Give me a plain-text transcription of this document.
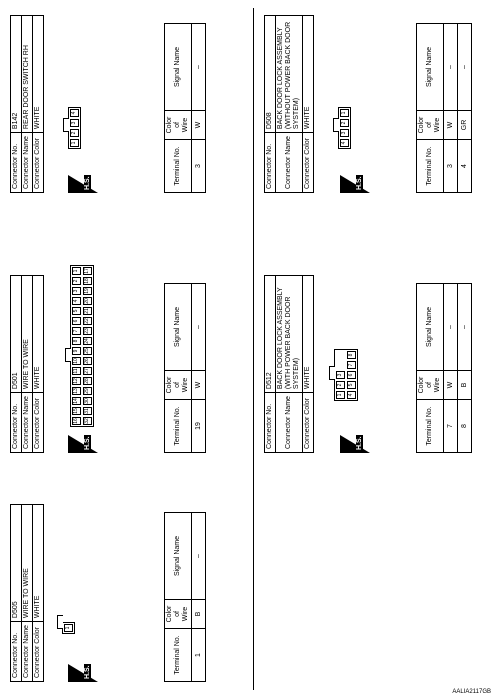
Connector No.	D505
Connector Name	WIRE TO WIRE
Connector Color	WHITE
H.S.
1
Terminal No.	Color of Wire	Signal Name
1	B	–
Connector No.	D501
Connector Name	WIRE TO WIRE
Connector Color	WHITE
H.S.
16
15
14
13
12
11
10
9
8
7
6
5
4
3
2
1
32
31
30
29
28
27
26
25
24
23
22
21
20
19
18
17
Terminal No.	Color of Wire	Signal Name
19	W	–
Connector No.	B142
Connector Name	REAR DOOR SWITCH RH
Connector Color	WHITE
H.S.
1
2
3
4
Terminal No.	Color of Wire	Signal Name
3	W	–
Connector No.	D512
Connector Name	BACK DOOR LOCK ASSEMBLY (WITH POWER BACK DOOR SYSTEM)
Connector Color	WHITE
H.S.
1
2
3
4
5
6
7
8
Terminal No.	Color of Wire	Signal Name
7	W	–
8	B	–
Connector No.	D508
Connector Name	BACK DOOR LOCK ASSEMBLY (WITHOUT POWER BACK DOOR SYSTEM)
Connector Color	WHITE
H.S.
4
3
2
1
Terminal No.	Color of Wire	Signal Name
3	W	–
4	GR	–
AALIA2117GB
